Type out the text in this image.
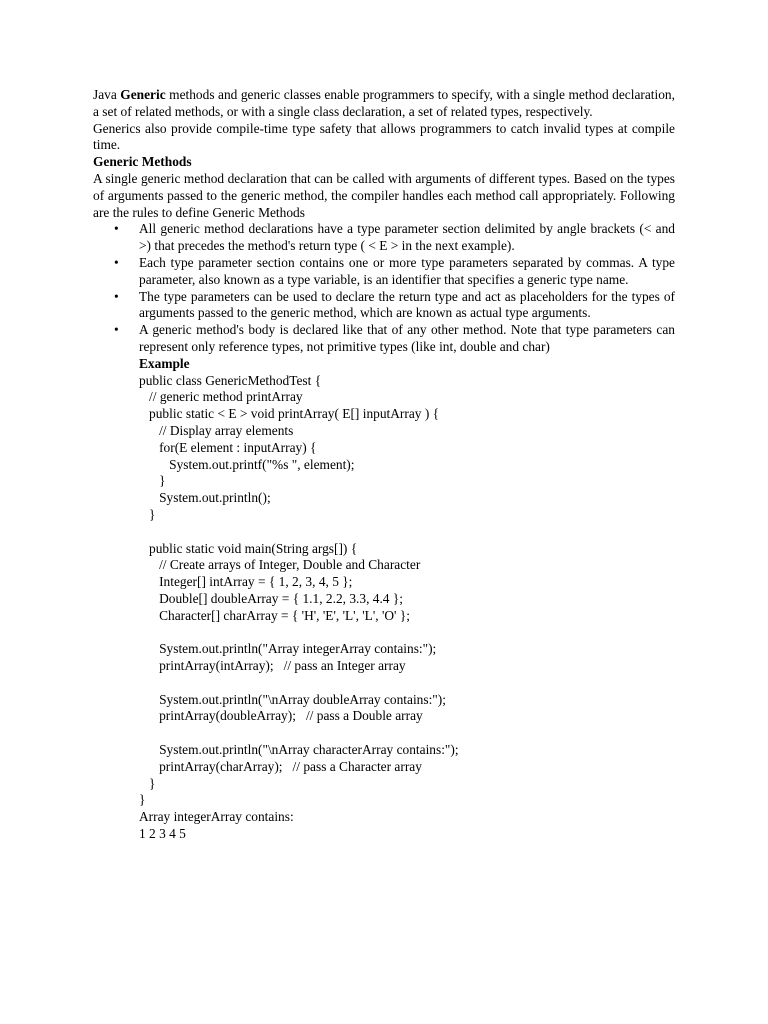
Java Generic methods and generic classes enable programmers to specify, with a single method declaration, a set of related methods, or with a single class declaration, a set of related types, respectively.

Generics also provide compile-time type safety that allows programmers to catch invalid types at compile time.

Generic Methods

A single generic method declaration that can be called with arguments of different types. Based on the types of arguments passed to the generic method, the compiler handles each method call appropriately. Following are the rules to define Generic Methods

• All generic method declarations have a type parameter section delimited by angle brackets (< and >) that precedes the method's return type ( < E > in the next example).
• Each type parameter section contains one or more type parameters separated by commas. A type parameter, also known as a type variable, is an identifier that specifies a generic type name.
• The type parameters can be used to declare the return type and act as placeholders for the types of arguments passed to the generic method, which are known as actual type arguments.
• A generic method's body is declared like that of any other method. Note that type parameters can represent only reference types, not primitive types (like int, double and char)

Example

public class GenericMethodTest {
// generic method printArray
public static < E > void printArray( E[] inputArray ) {
// Display array elements
for(E element : inputArray) {
System.out.printf("%s ", element);
}
System.out.println();
}
public static void main(String args[]) {
// Create arrays of Integer, Double and Character
Integer[] intArray = { 1, 2, 3, 4, 5 };
Double[] doubleArray = { 1.1, 2.2, 3.3, 4.4 };
Character[] charArray = { 'H', 'E', 'L', 'L', 'O' };
System.out.println("Array integerArray contains:");
printArray(intArray);   // pass an Integer array
System.out.println("\nArray doubleArray contains:");
printArray(doubleArray);   // pass a Double array
System.out.println("\nArray characterArray contains:");
printArray(charArray);   // pass a Character array
}
}
Array integerArray contains:
1 2 3 4 5
